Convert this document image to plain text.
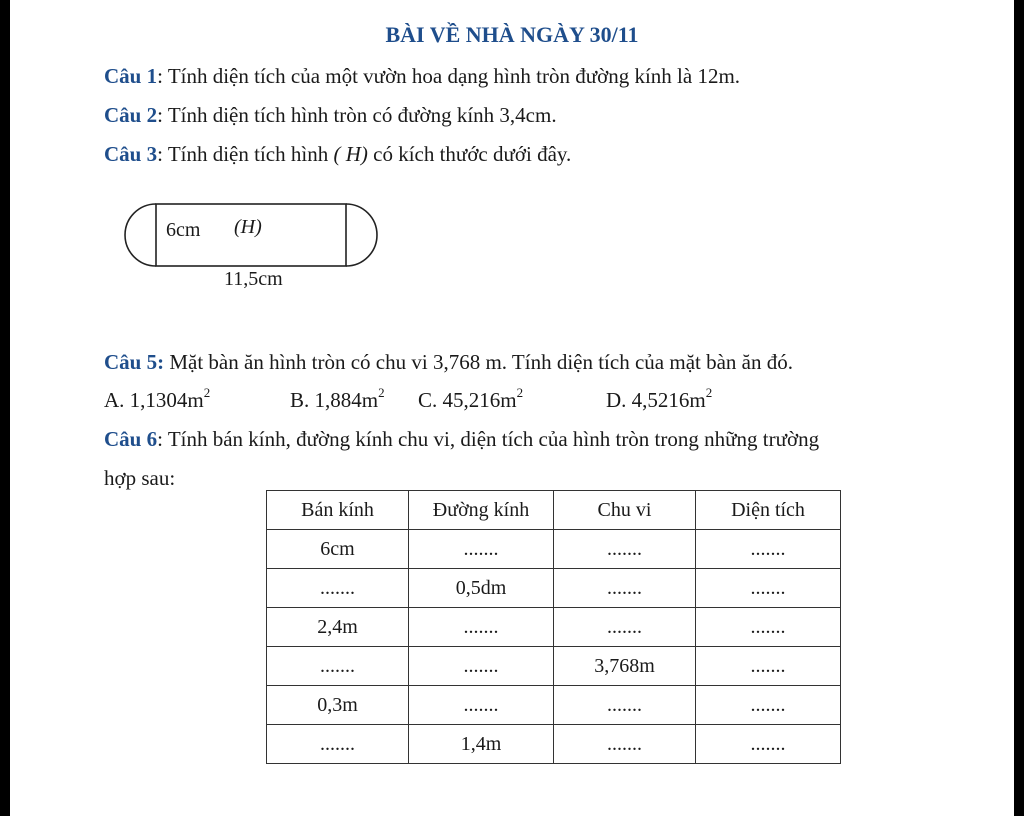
BÀI VỀ NHÀ NGÀY 30/11
Câu 1: Tính diện tích của một vườn hoa dạng hình tròn đường kính là 12m.
Câu 2: Tính diện tích hình tròn có đường kính 3,4cm.
Câu 3: Tính diện tích hình ( H) có kích thước dưới đây.
6cm (H)
11,5cm
Câu 5: Mặt bàn ăn hình tròn có chu vi 3,768 m. Tính diện tích của mặt bàn ăn đó.
A. $1,1304m^2$	B. $1,884m^2$ C. $45,216m^2$	D. $4,5216m^2$
Câu 6: Tính bán kính, đường kính chu vi, diện tích của hình tròn trong những trường
hợp sau:
Bán kính	Đường kính	Chu vi	Diện tích
6cm	.......	.......	.......
.......	0,5dm	.......	.......
2,4m	.......	.......	.......
.......	.......	3,768m	.......
0,3m	.......	.......	.......
.......	1,4m	.......	.......
